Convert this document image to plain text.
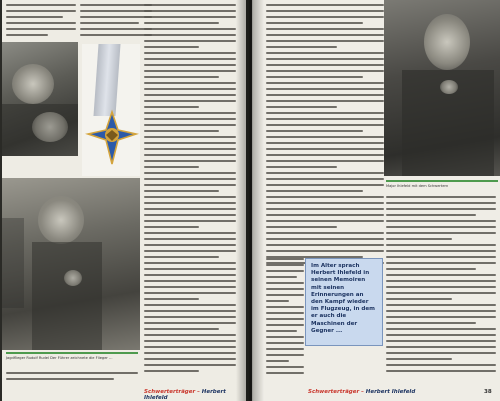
Jagdflieger Rudolf Rudel Der Führer zeichnete die Flieger ...
Schwerterträger – Herbert Ihlefeld
Major Ihlefeld mit dem Schwertern
Schwerterträger – Herbert Ihlefeld	38
Im Alter sprach Herbert Ihlefeld in seinen Memoiren mit seinen Erinnerungen an den Kampf wieder im Flugzeug, in dem er auch die Maschinen der Gegner ...
